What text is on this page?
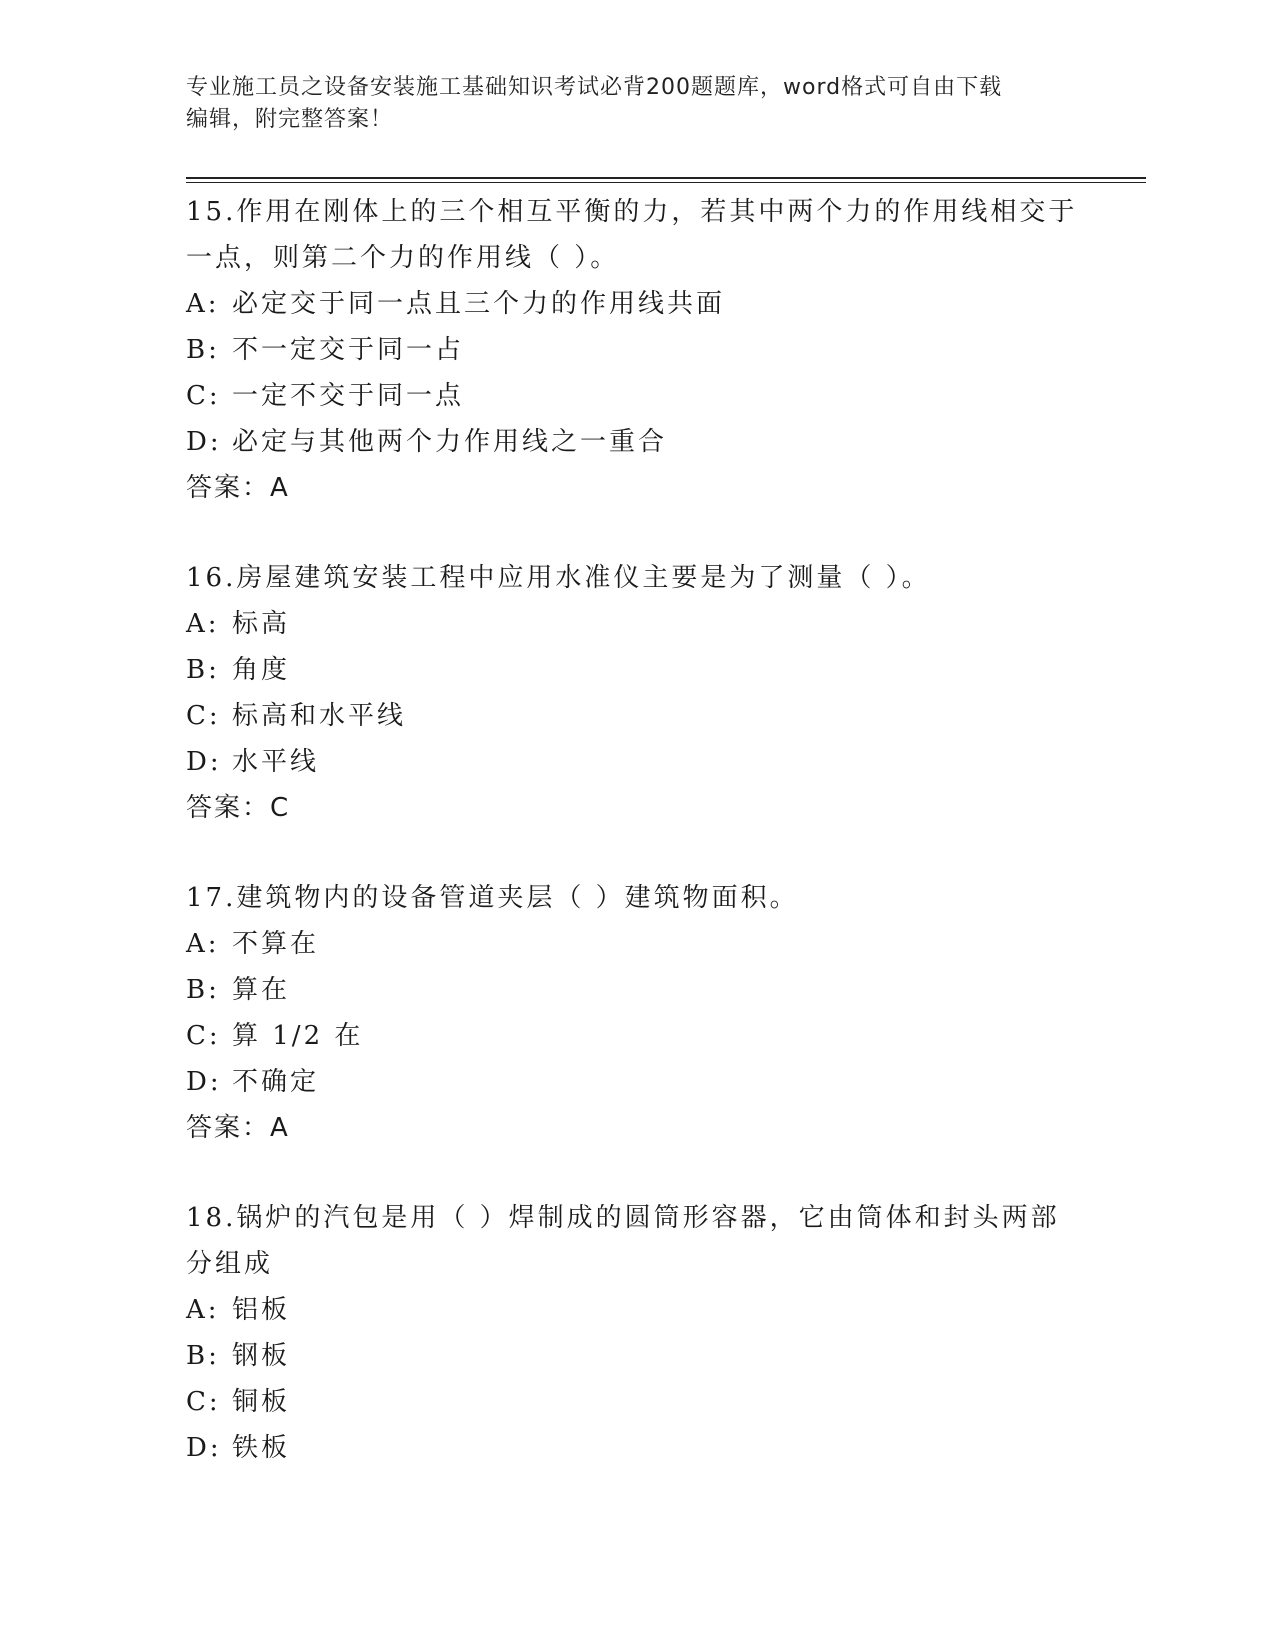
专业施工员之设备安装施工基础知识考试必背200题题库，word格式可自由下载
编辑，附完整答案！

15.作用在刚体上的三个相互平衡的力，若其中两个力的作用线相交于

一点，则第二个力的作用线（ ）。

A: 必定交于同一点且三个力的作用线共面
B: 不一定交于同一占
C: 一定不交于同一点
D: 必定与其他两个力作用线之一重合

答案：A

16.房屋建筑安装工程中应用水准仪主要是为了测量（ ）。

A: 标高
B: 角度
C: 标高和水平线
D: 水平线

答案：C

17.建筑物内的设备管道夹层（ ）建筑物面积。

A: 不算在
B: 算在
C: 算 1/2 在
D: 不确定

答案：A

18.锅炉的汽包是用（ ）焊制成的圆筒形容器，它由筒体和封头两部

分组成

A: 铝板
B: 钢板
C: 铜板
D: 铁板
